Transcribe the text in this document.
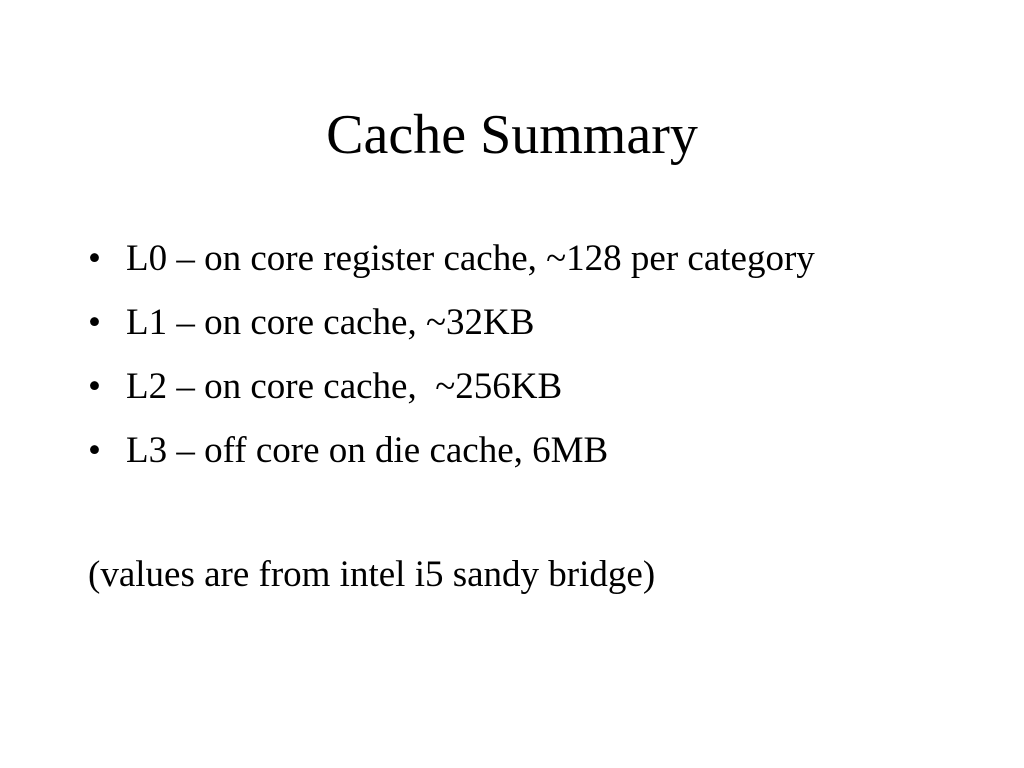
Cache Summary
• L0 – on core register cache, ~128 per category
• L1 – on core cache, ~32KB
• L2 – on core cache,  ~256KB
• L3 – off core on die cache, 6MB
(values are from intel i5 sandy bridge)
